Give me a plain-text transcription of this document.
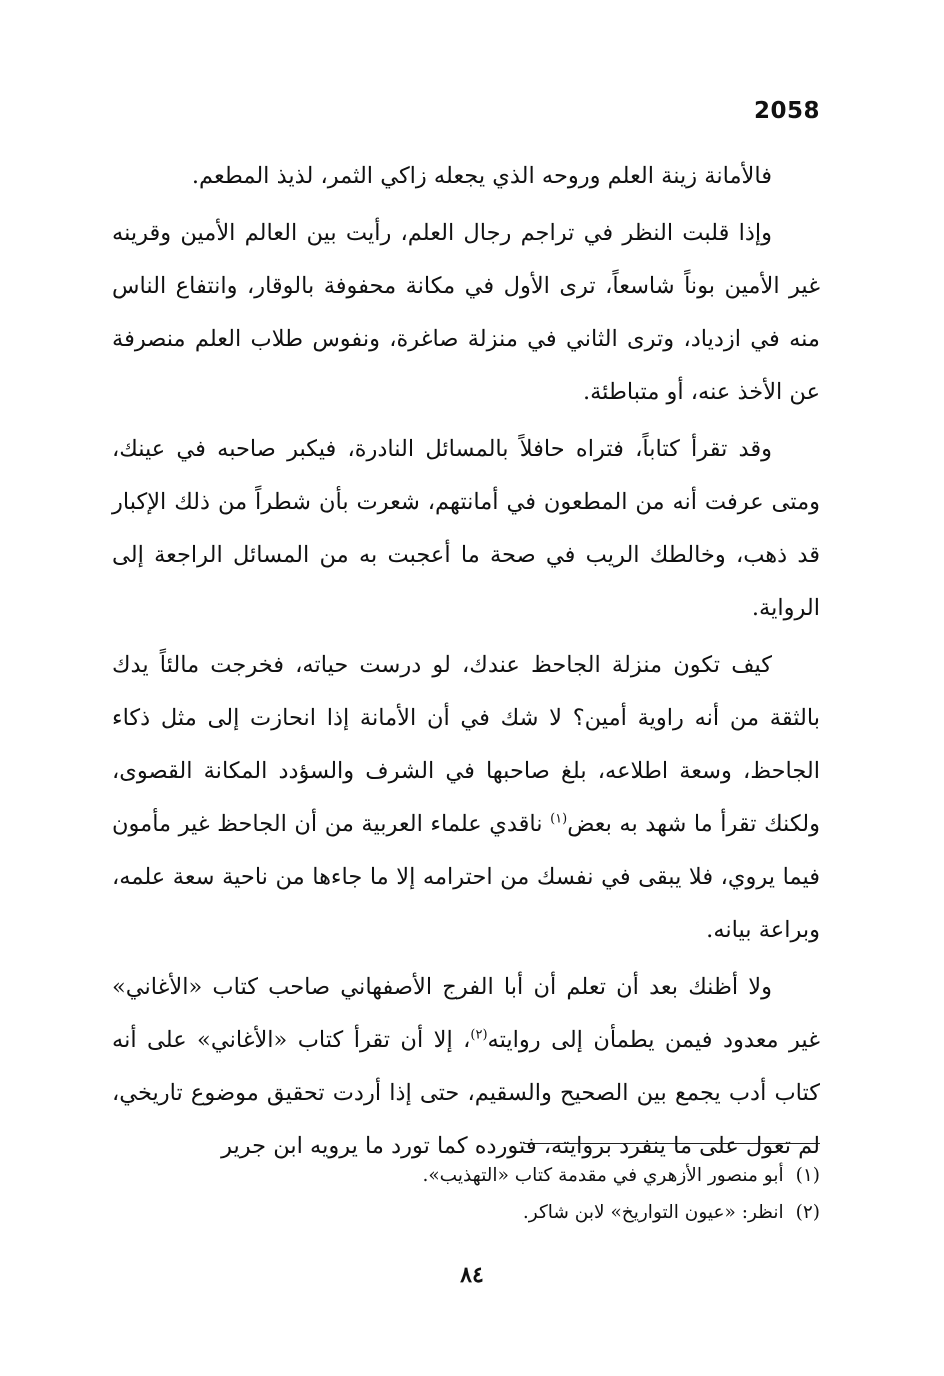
2058

فالأمانة زينة العلم وروحه الذي يجعله زاكي الثمر، لذيذ المطعم.

وإذا قلبت النظر في تراجم رجال العلم، رأيت بين العالم الأمين وقرينه غير الأمين بوناً شاسعاً، ترى الأول في مكانة محفوفة بالوقار، وانتفاع الناس منه في ازدياد، وترى الثاني في منزلة صاغرة، ونفوس طلاب العلم منصرفة عن الأخذ عنه، أو متباطئة.

وقد تقرأ كتاباً، فتراه حافلاً بالمسائل النادرة، فيكبر صاحبه في عينك، ومتى عرفت أنه من المطعون في أمانتهم، شعرت بأن شطراً من ذلك الإكبار قد ذهب، وخالطك الريب في صحة ما أعجبت به من المسائل الراجعة إلى الرواية.

كيف تكون منزلة الجاحظ عندك، لو درست حياته، فخرجت مالئاً يدك بالثقة من أنه راوية أمين؟ لا شك في أن الأمانة إذا انحازت إلى مثل ذكاء الجاحظ، وسعة اطلاعه، بلغ صاحبها في الشرف والسؤدد المكانة القصوى، ولكنك تقرأ ما شهد به بعض$^{(١)}$ ناقدي علماء العربية من أن الجاحظ غير مأمون فيما يروي، فلا يبقى في نفسك من احترامه إلا ما جاءها من ناحية سعة علمه، وبراعة بيانه.

ولا أظنك بعد أن تعلم أن أبا الفرج الأصفهاني صاحب كتاب «الأغاني» غير معدود فيمن يطمأن إلى روايته$^{(٢)}$، إلا أن تقرأ كتاب «الأغاني» على أنه كتاب أدب يجمع بين الصحيح والسقيم، حتى إذا أردت تحقيق موضوع تاريخي، لم تعول على ما ينفرد بروايته، فتورده كما تورد ما يرويه ابن جرير

(١)أبو منصور الأزهري في مقدمة كتاب «التهذيب».
(٢)انظر: «عيون التواريخ» لابن شاكر.
٨٤
